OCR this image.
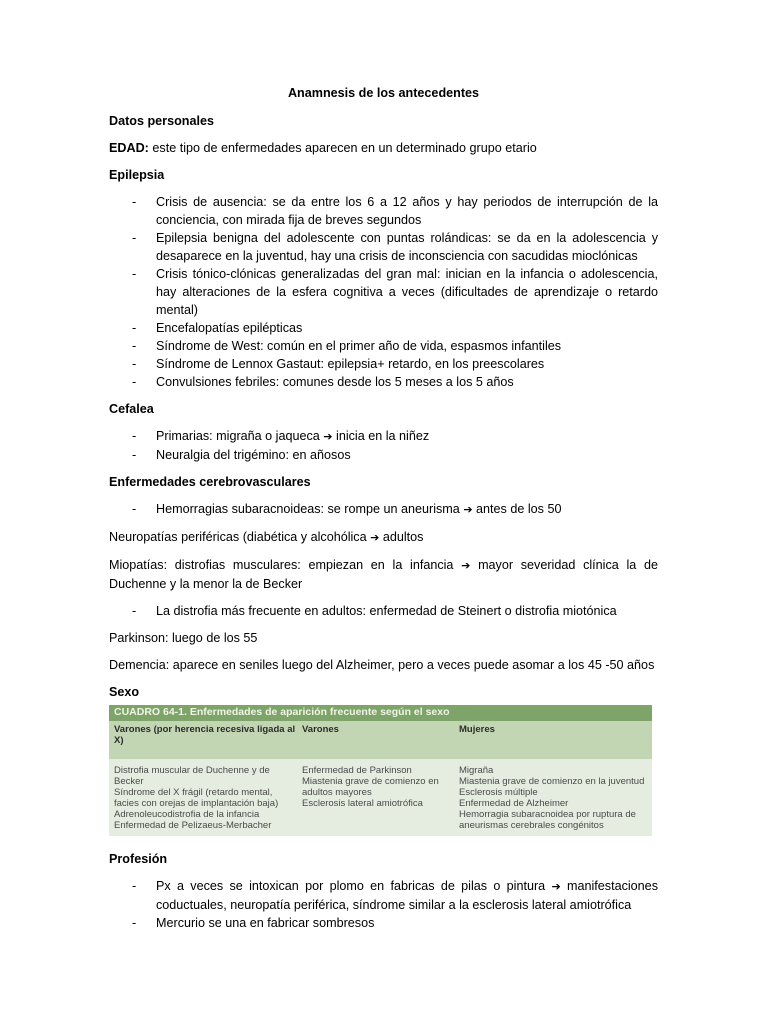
Anamnesis de los antecedentes
Datos personales
EDAD: este tipo de enfermedades aparecen en un determinado grupo etario
Epilepsia
- Crisis de ausencia: se da entre los 6 a 12 años y hay periodos de interrupción de la conciencia, con mirada fija de breves segundos
- Epilepsia benigna del adolescente con puntas rolándicas: se da en la adolescencia y desaparece en la juventud, hay una crisis de inconsciencia con sacudidas mioclónicas
- Crisis tónico-clónicas generalizadas del gran mal: inician en la infancia o adolescencia, hay alteraciones de la esfera cognitiva a veces (dificultades de aprendizaje o retardo mental)
- Encefalopatías epilépticas
- Síndrome de West: común en el primer año de vida, espasmos infantiles
- Síndrome de Lennox Gastaut: epilepsia+ retardo, en los preescolares
- Convulsiones febriles: comunes desde los 5 meses a los 5 años
Cefalea
- Primarias: migraña o jaqueca ➔ inicia en la niñez
- Neuralgia del trigémino: en añosos
Enfermedades cerebrovasculares
- Hemorragias subaracnoideas: se rompe un aneurisma ➔ antes de los 50
Neuropatías periféricas (diabética y alcohólica ➔ adultos
Miopatías: distrofias musculares: empiezan en la infancia ➔ mayor severidad clínica la de Duchenne y la menor la de Becker
- La distrofia más frecuente en adultos: enfermedad de Steinert o distrofia miotónica
Parkinson: luego de los 55
Demencia: aparece en seniles luego del Alzheimer, pero a veces puede asomar a los 45 -50 años
Sexo
CUADRO 64-1. Enfermedades de aparición frecuente según el sexo
Varones (por herencia recesiva ligada al X)
Varones	Mujeres
Distrofia muscular de Duchenne y de
Becker
Síndrome del X frágil (retardo mental,
facies con orejas de implantación baja)
Adrenoleucodistrofia de la infancia
Enfermedad de Pelizaeus-Merbacher
Enfermedad de Parkinson
Miastenia grave de comienzo en
adultos mayores
Esclerosis lateral amiotrófica
Migraña
Miastenia grave de comienzo en la juventud
Esclerosis múltiple
Enfermedad de Alzheimer
Hemorragia subaracnoidea por ruptura de
aneurismas cerebrales congénitos
Profesión
- Px a veces se intoxican por plomo en fabricas de pilas o pintura ➔ manifestaciones coductuales, neuropatía periférica, síndrome similar a la esclerosis lateral amiotrófica
- Mercurio se una en fabricar sombresos
